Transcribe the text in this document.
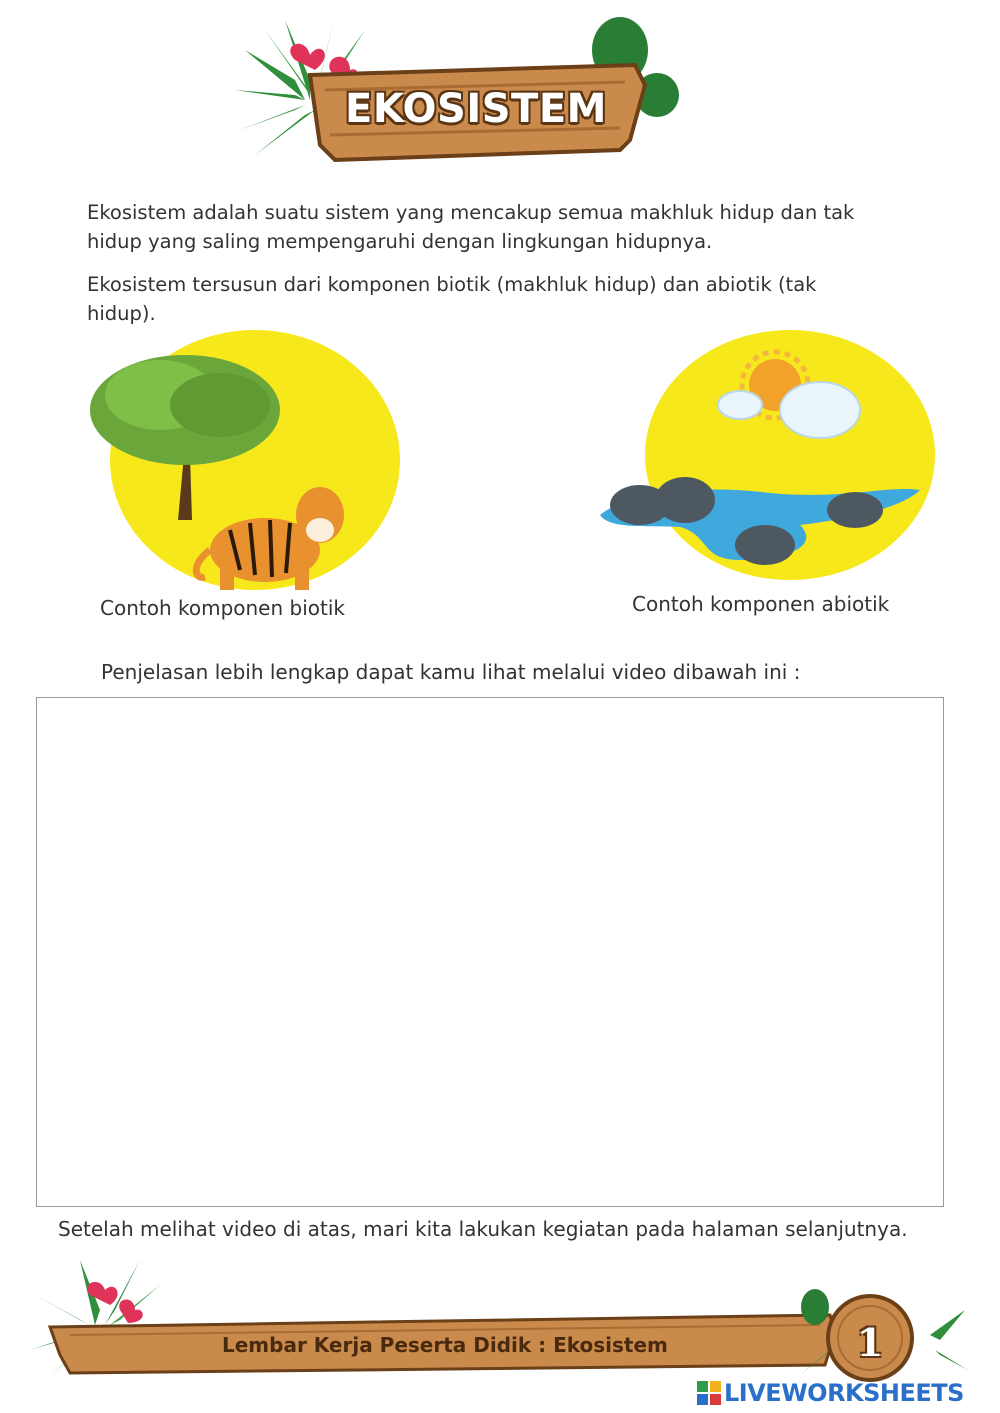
EKOSISTEM
Ekosistem adalah suatu sistem yang mencakup semua makhluk hidup dan tak hidup yang saling mempengaruhi dengan lingkungan hidupnya.
Ekosistem tersusun dari komponen biotik (makhluk hidup) dan abiotik (tak hidup).
Contoh komponen biotik	Contoh komponen abiotik
Penjelasan lebih lengkap dapat kamu lihat melalui video dibawah ini :
Setelah melihat video di atas, mari kita lakukan kegiatan pada halaman selanjutnya.
Lembar Kerja Peserta Didik : Ekosistem	1
LIVEWORKSHEETS
